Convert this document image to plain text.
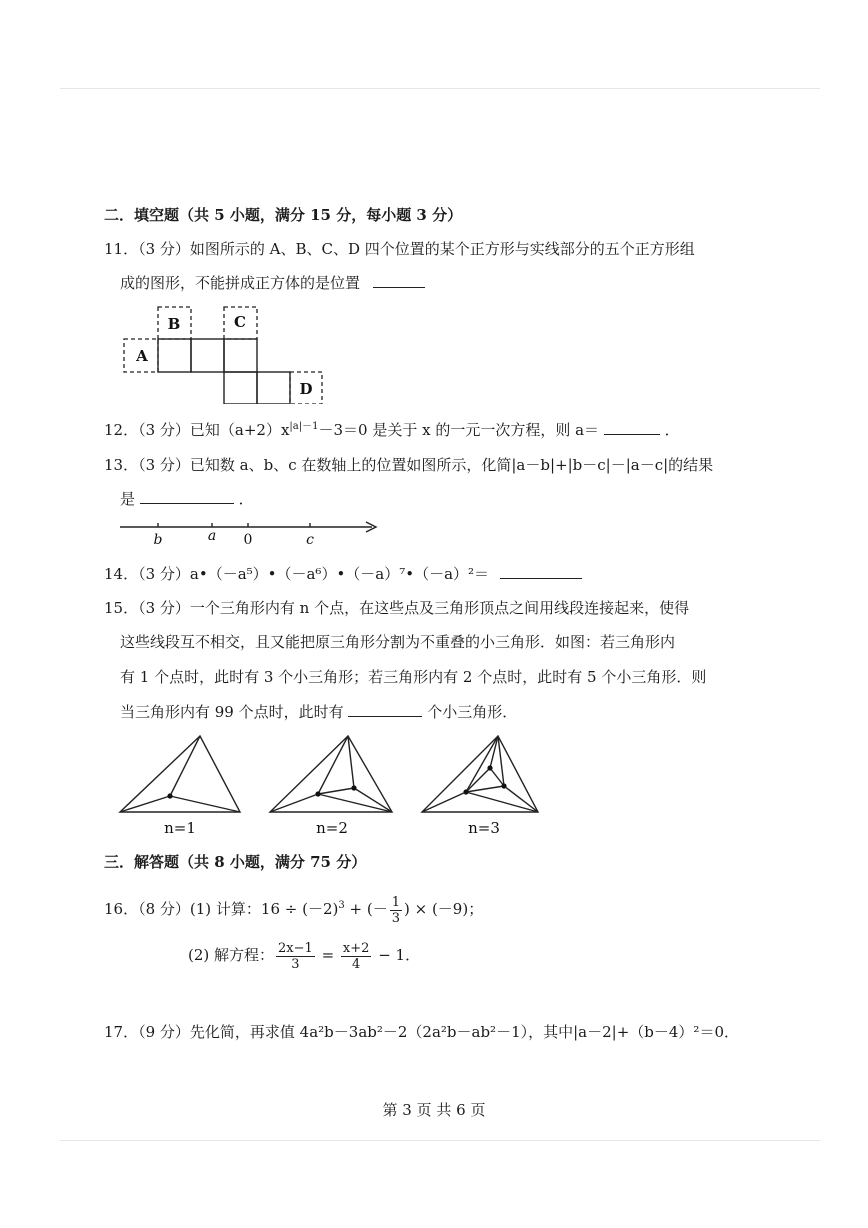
二．填空题（共 5 小题，满分 15 分，每小题 3 分）
11．（3 分）如图所示的 A、B、C、D 四个位置的某个正方形与实线部分的五个正方形组
成的图形，不能拼成正方体的是位置
A
B	C
D
12．（3 分）已知$(a+2)x^{|a|-1}-3=0$ 是关于 x 的一元一次方程，则 a＝	．
13．（3 分）已知数 a、b、c 在数轴上的位置如图所示，化简|a－b|+|b－c|－|a－c|的结果
是	．
b	a 0	c
14．（3 分）a•（－a⁵）•（－a⁶）•（－a）⁷•（－a）²＝
15．（3 分）一个三角形内有 n 个点，在这些点及三角形顶点之间用线段连接起来，使得
这些线段互不相交，且又能把原三角形分割为不重叠的小三角形．如图：若三角形内
有 1 个点时，此时有 3 个小三角形；若三角形内有 2 个点时，此时有 5 个小三角形．则
当三角形内有 99 个点时，此时有	个小三角形．
n=1	n=2	n=3
三．解答题（共 8 小题，满分 75 分）
16．（8 分）(1) 计算：$16 \div (-2)^3$ + (－ $\frac{1}{3}$ ) × (－9)；
(2) 解方程： $\frac{2x-1}{3} = \frac{x+2}{4} - 1$．
17．（9 分）先化简，再求值 4a²b－3ab²－2（2a²b－ab²－1），其中|a－2|+（b－4）²＝0．
第 3 页 共 6 页
